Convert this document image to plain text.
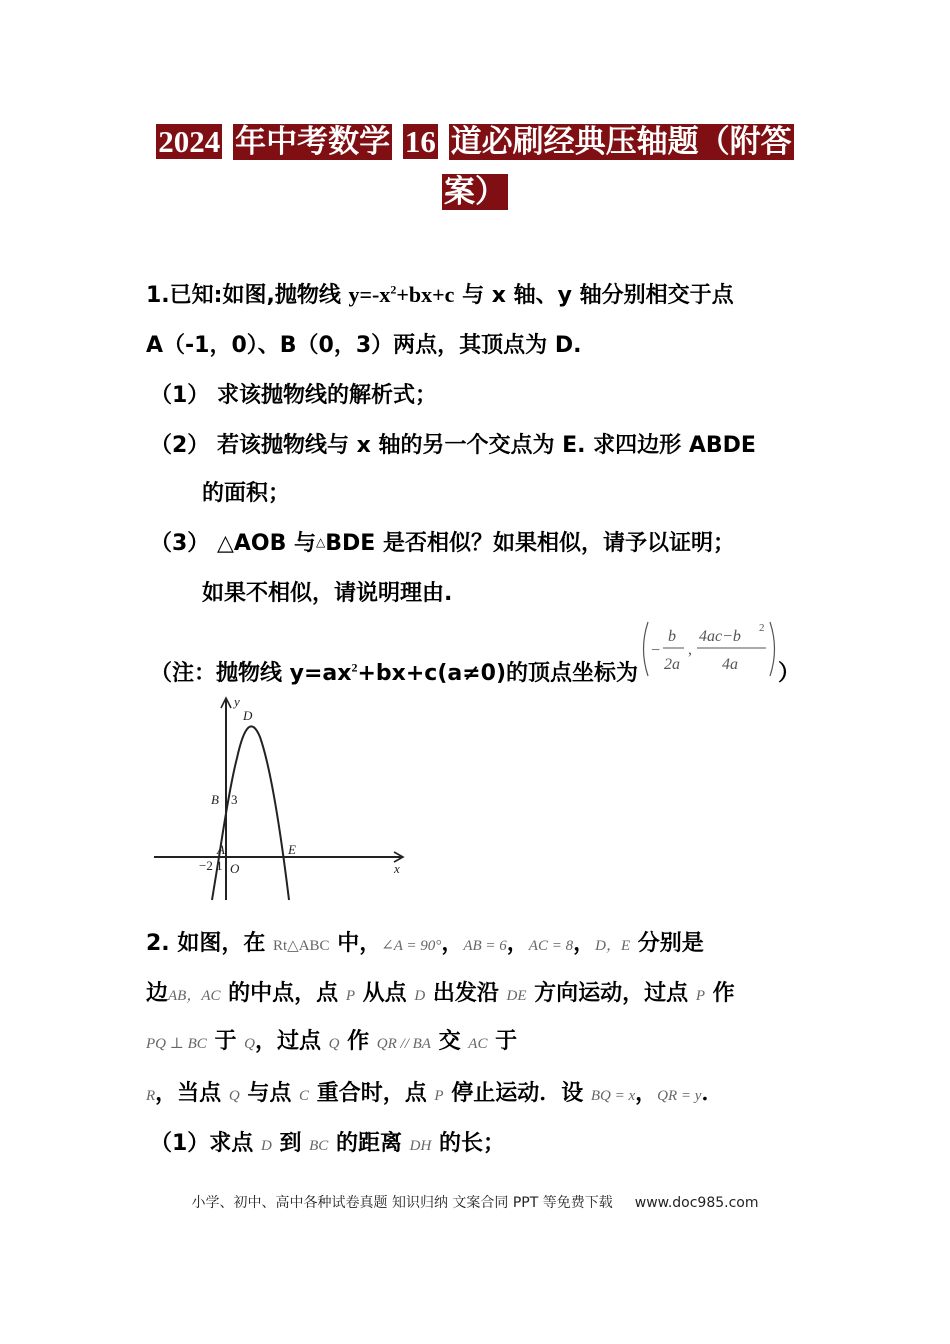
2024 年中考数学 16 道必刷经典压轴题（附答
案）
1.已知:如图,抛物线 $y=-x^2+bx+c$ 与 x 轴、y 轴分别相交于点
A（-1，0）、B（0，3）两点，其顶点为 D.
（1） 求该抛物线的解析式；
（2） 若该抛物线与 x 轴的另一个交点为 E. 求四边形 ABDE
的面积；
（3） △AOB 与△BDE 是否相似？如果相似，请予以证明；
如果不相似，请说明理由.
（注：抛物线 $y=ax^2+bx+c(a\ne 0)$的顶点坐标为	）
−
b
2a
,
4ac−b 2
4a
y
D
B 3
A
−2 1 O
E
x
2. 如图，在 Rt△ABC 中，∠A = 90°，AB = 6，AC = 8，D，E 分别是
边AB，AC 的中点，点 P 从点 D 出发沿 DE 方向运动，过点 P 作
PQ ⊥ BC 于 Q，过点 Q 作 QR // BA 交 AC 于
R，当点 Q 与点 C 重合时，点 P 停止运动．设 BQ = x，QR = y．
（1）求点 D 到 BC 的距离 DH 的长；
小学、初中、高中各种试卷真题 知识归纳 文案合同 PPT 等免费下载 www.doc985.com
